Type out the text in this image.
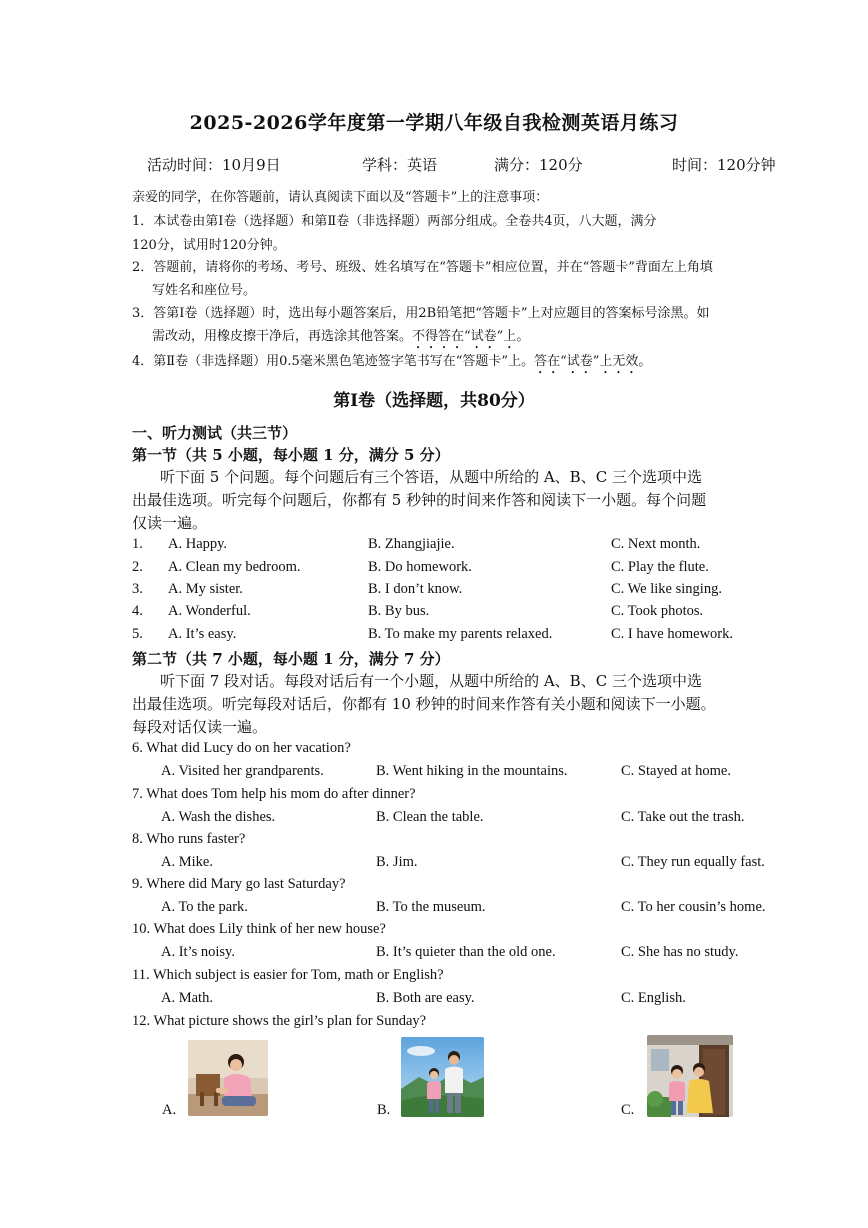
2025-2026学年度第一学期八年级自我检测英语月练习
活动时间：10月9日	学科：英语	满分：120分	时间：120分钟
亲爱的同学，在你答题前，请认真阅读下面以及“答题卡”上的注意事项：
1．本试卷由第Ⅰ卷（选择题）和第Ⅱ卷（非选择题）两部分组成。全卷共4页，八大题，满分
120分，试用时120分钟。
2．答题前，请将你的考场、考号、班级、姓名填写在“答题卡”相应位置，并在“答题卡”背面左上角填
写姓名和座位号。
3．答第Ⅰ卷（选择题）时，选出每小题答案后，用2B铅笔把“答题卡”上对应题目的答案标号涂黑。如
需改动，用橡皮擦干净后，再选涂其他答案。不得答在“试卷”上。
4．第Ⅱ卷（非选择题）用0.5毫米黑色笔迹签字笔书写在“答题卡”上。答在“试卷”上无效。
第Ⅰ卷（选择题，共80分）
一、听力测试（共三节）
第一节（共 5 小题，每小题 1 分，满分 5 分）
听下面 5 个问题。每个问题后有三个答语，从题中所给的 A、B、C 三个选项中选
出最佳选项。听完每个问题后，你都有 5 秒钟的时间来作答和阅读下一小题。每个问题
仅读一遍。
1. A. Happy.	B. Zhangjiajie.	C. Next month.
2. A. Clean my bedroom.	B. Do homework.	C. Play the flute.
3. A. My sister.	B. I don’t know.	C. We like singing.
4. A. Wonderful.	B. By bus.	C. Took photos.
5. A. It’s easy.	B. To make my parents relaxed.	C. I have homework.
第二节（共 7 小题，每小题 1 分，满分 7 分）
听下面 7 段对话。每段对话后有一个小题，从题中所给的 A、B、C 三个选项中选
出最佳选项。听完每段对话后，你都有 10 秒钟的时间来作答有关小题和阅读下一小题。
每段对话仅读一遍。
6. What did Lucy do on her vacation?
A. Visited her grandparents.	B. Went hiking in the mountains.	C. Stayed at home.
7. What does Tom help his mom do after dinner?
A. Wash the dishes.	B. Clean the table.	C. Take out the trash.
8. Who runs faster?
A. Mike.	B. Jim.	C. They run equally fast.
9. Where did Mary go last Saturday?
A. To the park.	B. To the museum.	C. To her cousin’s home.
10. What does Lily think of her new house?
A. It’s noisy.	B. It’s quieter than the old one.	C. She has no study.
11. Which subject is easier for Tom, math or English?
A. Math.	B. Both are easy.	C. English.
12. What picture shows the girl’s plan for Sunday?
A.	B.	C.
